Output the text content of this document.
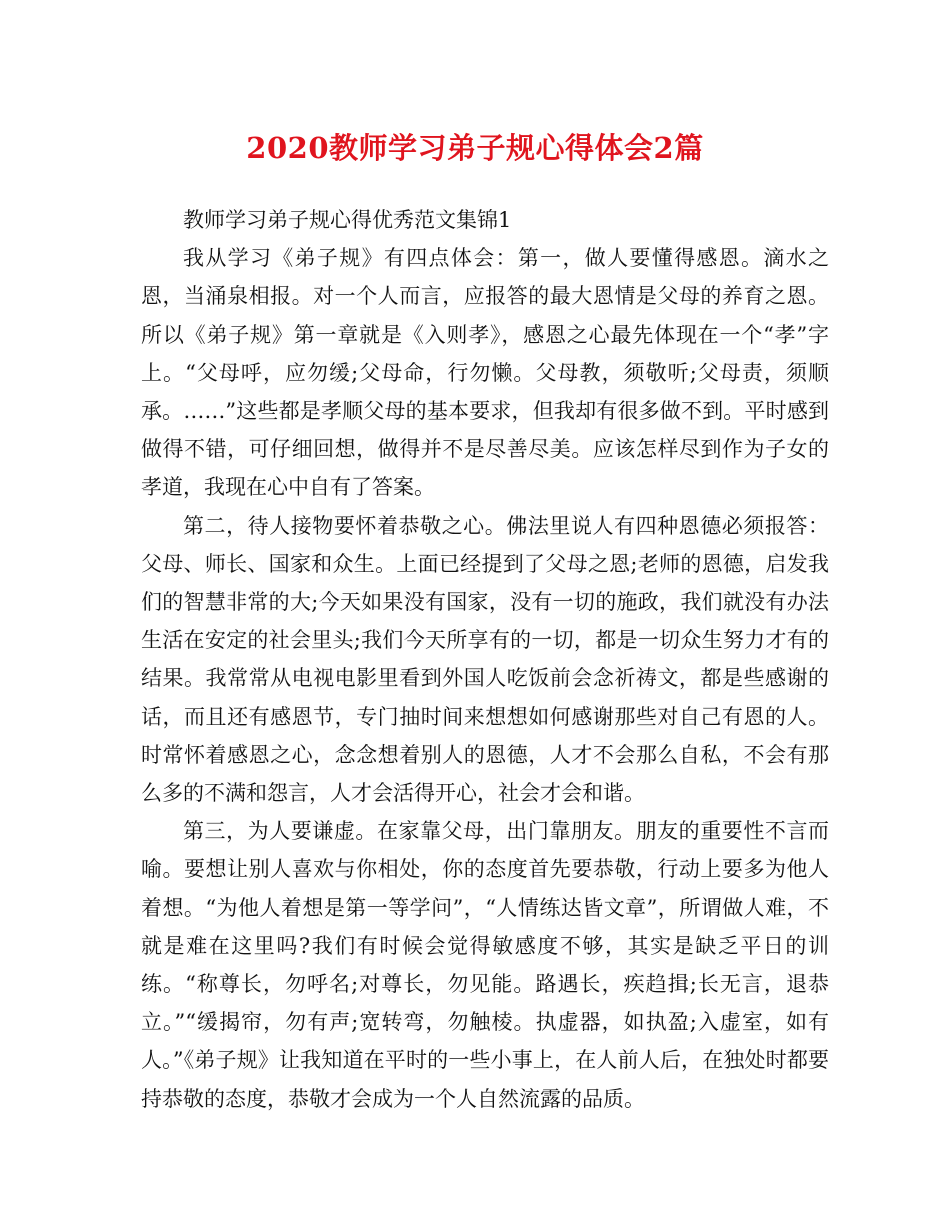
2020教师学习弟子规心得体会2篇

教师学习弟子规心得优秀范文集锦1

我从学习《弟子规》有四点体会：第一，做人要懂得感恩。滴水之恩，当涌泉相报。对一个人而言，应报答的最大恩情是父母的养育之恩。所以《弟子规》第一章就是《入则孝》，感恩之心最先体现在一个“孝”字上。“父母呼，应勿缓;父母命，行勿懒。父母教，须敬听;父母责，须顺承。……”这些都是孝顺父母的基本要求，但我却有很多做不到。平时感到做得不错，可仔细回想，做得并不是尽善尽美。应该怎样尽到作为子女的孝道，我现在心中自有了答案。

第二，待人接物要怀着恭敬之心。佛法里说人有四种恩德必须报答：父母、师长、国家和众生。上面已经提到了父母之恩;老师的恩德，启发我们的智慧非常的大;今天如果没有国家，没有一切的施政，我们就没有办法生活在安定的社会里头;我们今天所享有的一切，都是一切众生努力才有的结果。我常常从电视电影里看到外国人吃饭前会念祈祷文，都是些感谢的话，而且还有感恩节，专门抽时间来想想如何感谢那些对自己有恩的人。时常怀着感恩之心，念念想着别人的恩德，人才不会那么自私，不会有那么多的不满和怨言，人才会活得开心，社会才会和谐。

第三，为人要谦虚。在家靠父母，出门靠朋友。朋友的重要性不言而喻。要想让别人喜欢与你相处，你的态度首先要恭敬，行动上要多为他人着想。“为他人着想是第一等学问”，“人情练达皆文章”，所谓做人难，不就是难在这里吗?我们有时候会觉得敏感度不够，其实是缺乏平日的训练。“称尊长，勿呼名;对尊长，勿见能。路遇长，疾趋揖;长无言，退恭立。”“缓揭帘，勿有声;宽转弯，勿触棱。执虚器，如执盈;入虚室，如有人。”《弟子规》让我知道在平时的一些小事上，在人前人后，在独处时都要持恭敬的态度，恭敬才会成为一个人自然流露的品质。
